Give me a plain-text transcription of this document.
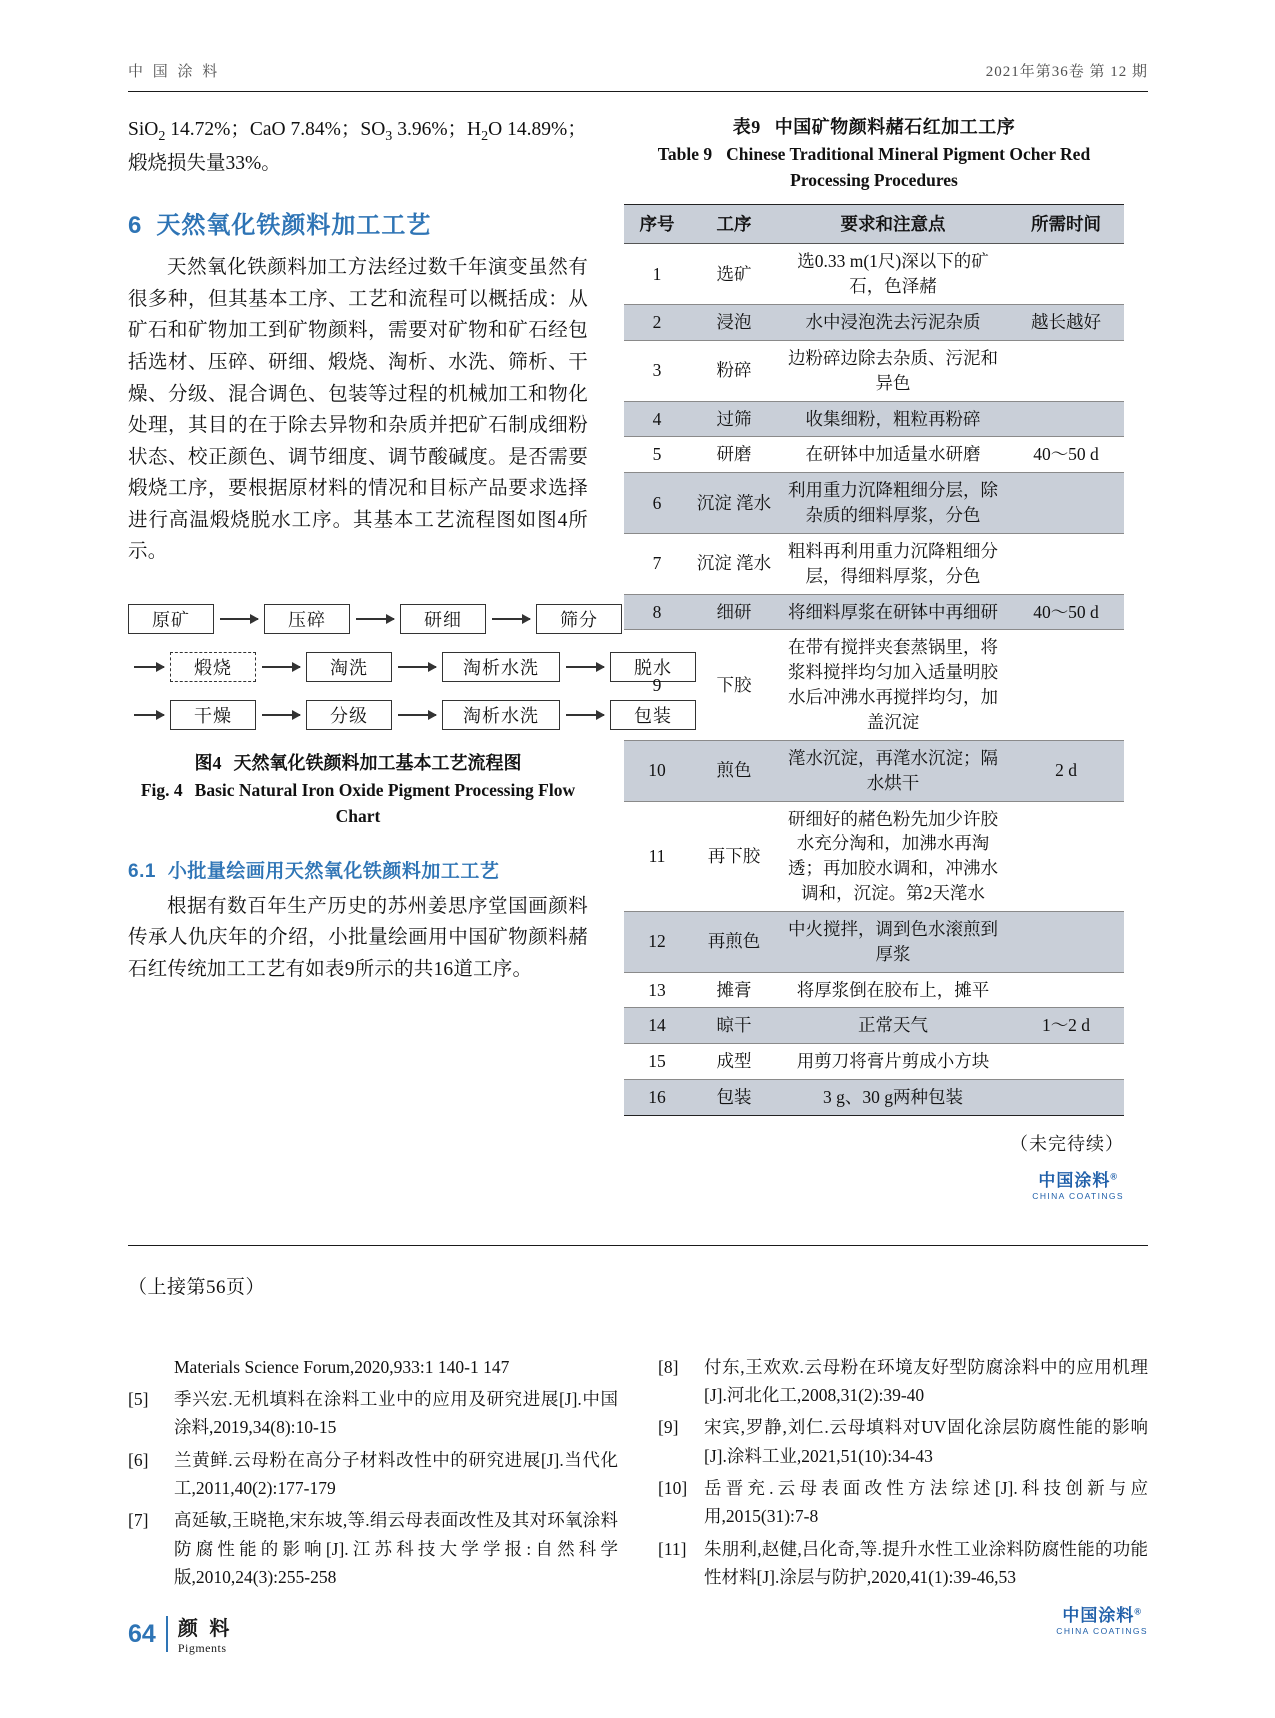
中 国 涂 料	2021年第36卷 第 12 期
SiO$_2$ 14.72%；CaO 7.84%；$SO_3$ 3.96%；$H_2O$ 14.89%；
煅烧损失量33%。
6 天然氧化铁颜料加工工艺

天然氧化铁颜料加工方法经过数千年演变虽然有很多种，但其基本工序、工艺和流程可以概括成：从矿石和矿物加工到矿物颜料，需要对矿物和矿石经包括选材、压碎、研细、煅烧、淘析、水洗、筛析、干燥、分级、混合调色、包装等过程的机械加工和物化处理，其目的在于除去异物和杂质并把矿石制成细粉状态、校正颜色、调节细度、调节酸碱度。是否需要煅烧工序，要根据原材料的情况和目标产品要求选择进行高温煅烧脱水工序。其基本工艺流程图如图4所示。

原矿	压碎	研细	筛分
煅烧	淘洗	淘析水洗	脱水
干燥	分级	淘析水洗	包装
图4 天然氧化铁颜料加工基本工艺流程图
Fig. 4 Basic Natural Iron Oxide Pigment Processing Flow Chart
6.1 小批量绘画用天然氧化铁颜料加工工艺

根据有数百年生产历史的苏州姜思序堂国画颜料传承人仇庆年的介绍，小批量绘画用中国矿物颜料赭石红传统加工工艺有如表9所示的共16道工序。

表9 中国矿物颜料赭石红加工工序
Table 9 Chinese Traditional Mineral Pigment Ocher Red Processing Procedures
序号	工序	要求和注意点	所需时间
1	选矿	选0.33 m(1尺)深以下的矿石，色泽赭	
2	浸泡	水中浸泡洗去污泥杂质	越长越好
3	粉碎	边粉碎边除去杂质、污泥和异色	
4	过筛	收集细粉，粗粒再粉碎	
5	研磨	在研钵中加适量水研磨	40～50 d
6	沉淀 滗水	利用重力沉降粗细分层，除杂质的细料厚浆，分色	
7	沉淀 滗水	粗料再利用重力沉降粗细分层，得细料厚浆，分色	
8	细研	将细料厚浆在研钵中再细研	40～50 d
9	下胶	在带有搅拌夹套蒸锅里，将浆料搅拌均匀加入适量明胶水后冲沸水再搅拌均匀，加盖沉淀	
10	煎色	滗水沉淀，再滗水沉淀；隔水烘干	2 d
11	再下胶	研细好的赭色粉先加少许胶水充分淘和，加沸水再淘透；再加胶水调和，冲沸水调和，沉淀。第2天滗水	
12	再煎色	中火搅拌，调到色水滚煎到厚浆	
13	摊膏	将厚浆倒在胶布上，摊平	
14	晾干	正常天气	1～2 d
15	成型	用剪刀将膏片剪成小方块	
16	包装	3 g、30 g两种包装	
（未完待续）
中国涂料®
CHINA COATINGS
（上接第56页）
Materials Science Forum,2020,933:1 140-1 147
[5]	季兴宏.无机填料在涂料工业中的应用及研究进展[J].中国涂料,2019,34(8):10-15
[6]	兰黄鲜.云母粉在高分子材料改性中的研究进展[J].当代化工,2011,40(2):177-179
[7]	高延敏,王晓艳,宋东坡,等.绢云母表面改性及其对环氧涂料防腐性能的影响[J].江苏科技大学学报:自然科学版,2010,24(3):255-258
[8]	付东,王欢欢.云母粉在环境友好型防腐涂料中的应用机理[J].河北化工,2008,31(2):39-40
[9]	宋宾,罗静,刘仁.云母填料对UV固化涂层防腐性能的影响[J].涂料工业,2021,51(10):34-43
[10] 岳晋充.云母表面改性方法综述[J].科技创新与应用,2015(31):7-8
[11] 朱朋利,赵健,吕化奇,等.提升水性工业涂料防腐性能的功能性材料[J].涂层与防护,2020,41(1):39-46,53
中国涂料®
CHINA COATINGS
64 颜 料
Pigments
